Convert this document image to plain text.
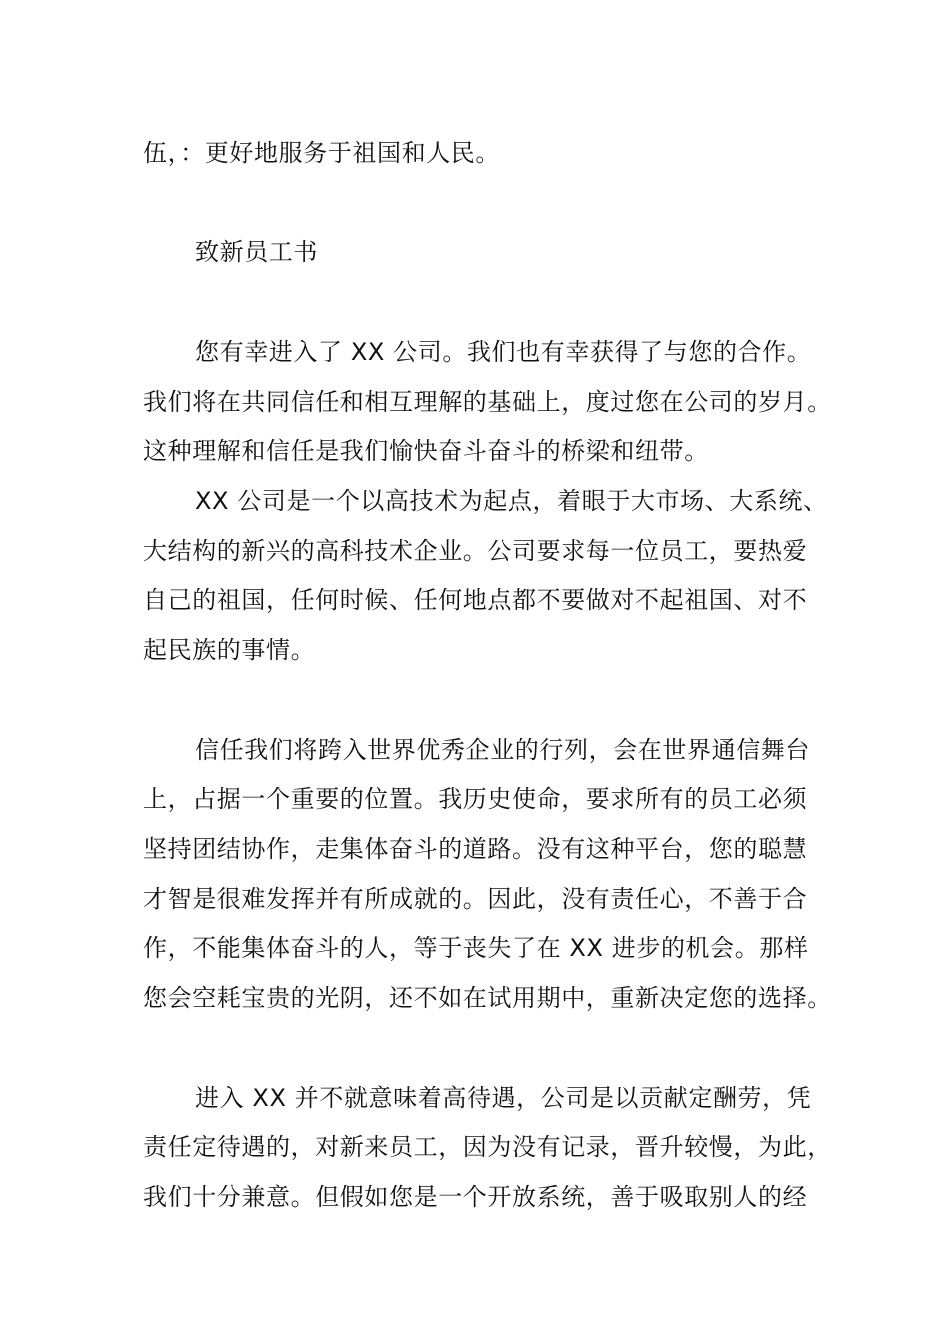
伍，：更好地服务于祖国和人民。
致新员工书
您有幸进入了 XX 公司。我们也有幸获得了与您的合作。
我们将在共同信任和相互理解的基础上，度过您在公司的岁月。
这种理解和信任是我们愉快奋斗奋斗的桥梁和纽带。
XX 公司是一个以高技术为起点，着眼于大市场、大系统、
大结构的新兴的高科技术企业。公司要求每一位员工，要热爱
自己的祖国，任何时候、任何地点都不要做对不起祖国、对不
起民族的事情。
信任我们将跨入世界优秀企业的行列，会在世界通信舞台
上，占据一个重要的位置。我历史使命，要求所有的员工必须
坚持团结协作，走集体奋斗的道路。没有这种平台，您的聪慧
才智是很难发挥并有所成就的。因此，没有责任心，不善于合
作，不能集体奋斗的人，等于丧失了在 XX 进步的机会。那样
您会空耗宝贵的光阴，还不如在试用期中，重新决定您的选择。
进入 XX 并不就意味着高待遇，公司是以贡献定酬劳，凭
责任定待遇的，对新来员工，因为没有记录，晋升较慢，为此，
我们十分兼意。但假如您是一个开放系统，善于吸取别人的经
